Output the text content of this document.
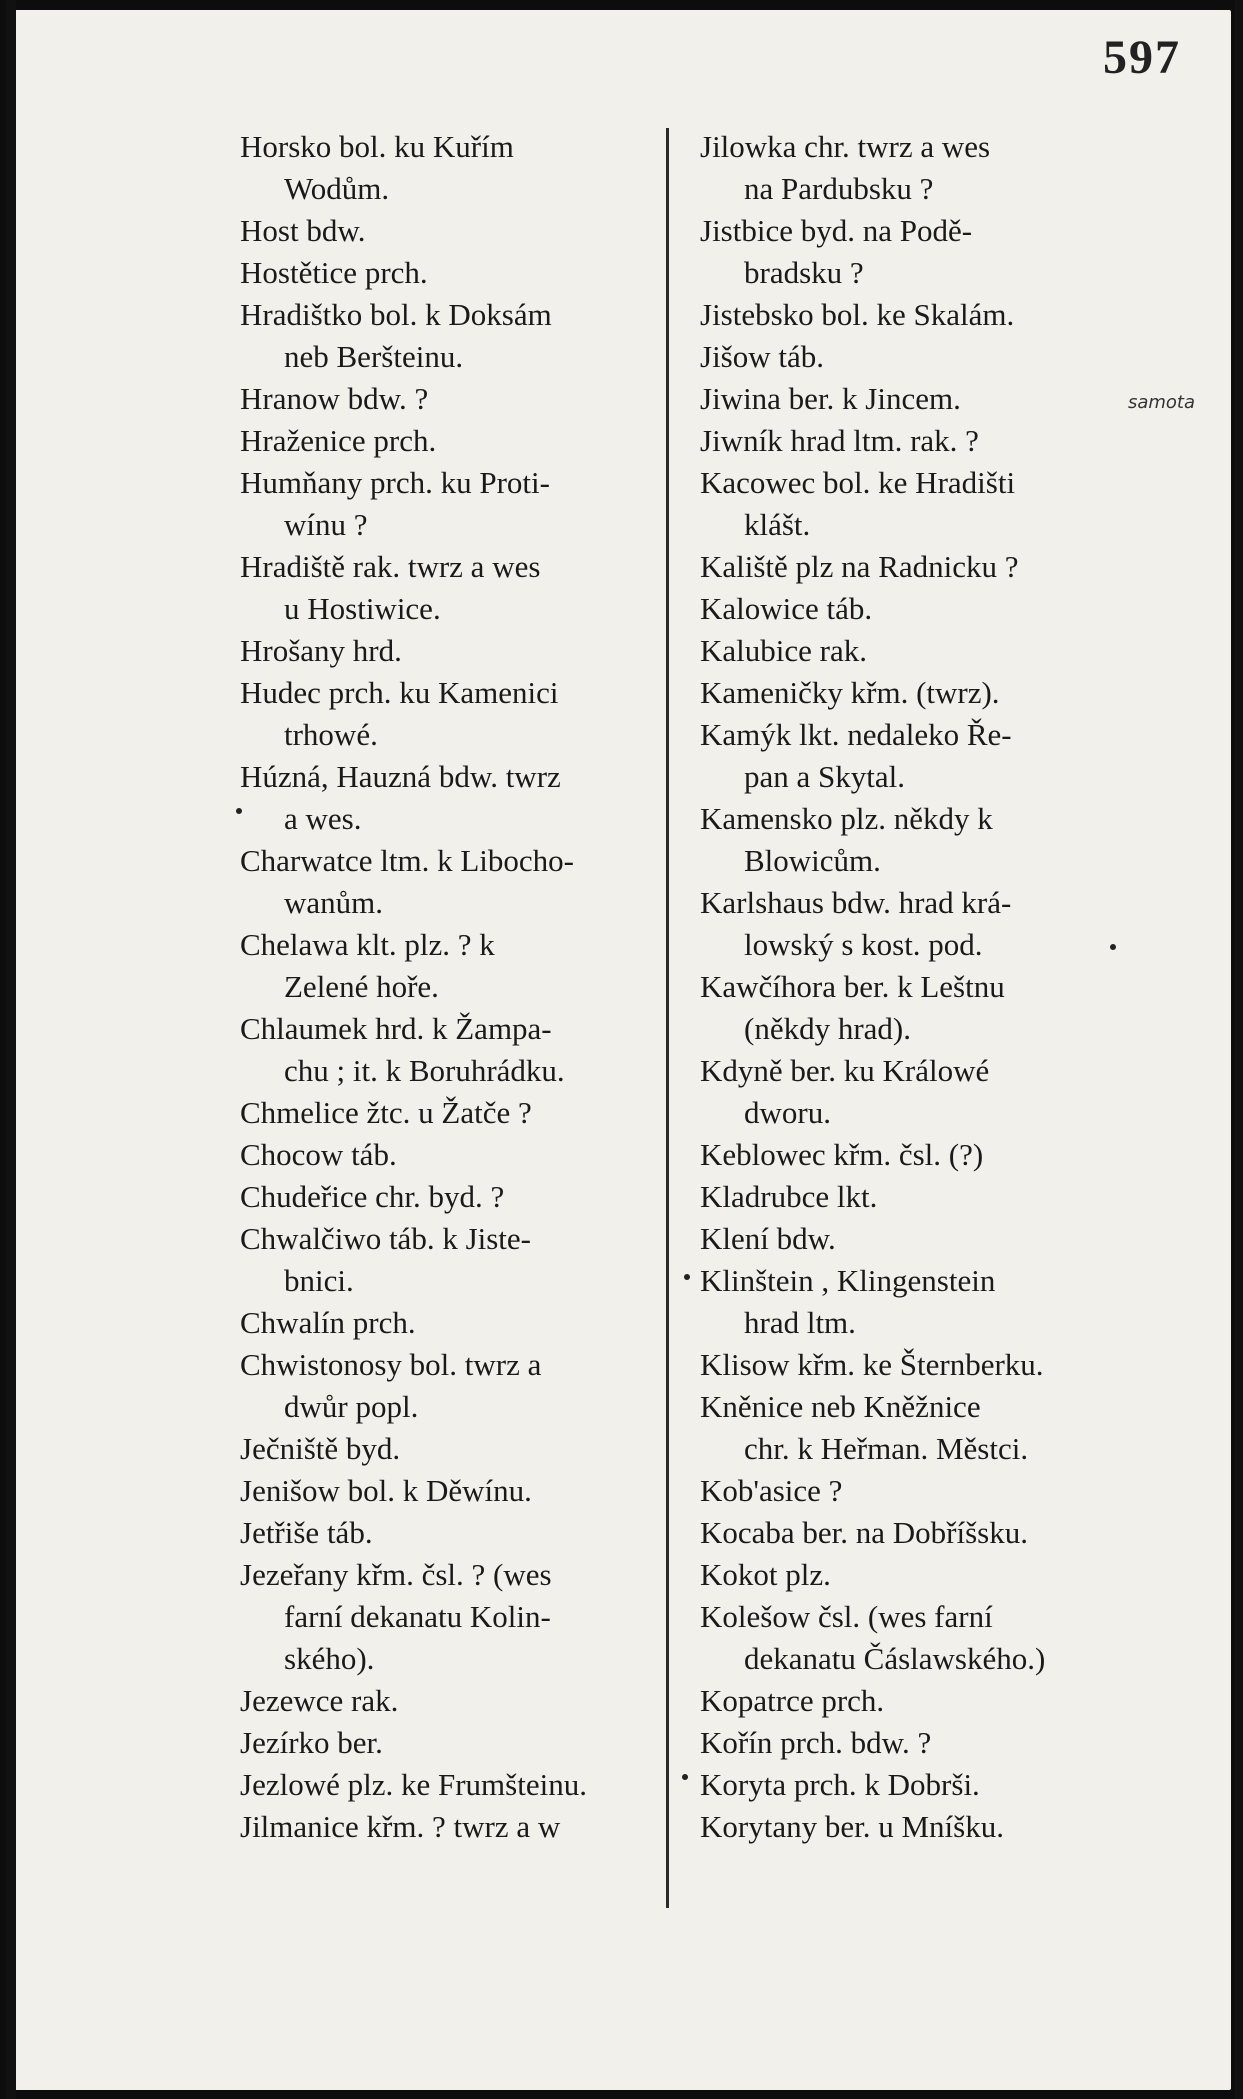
597
samota
Horsko bol. ku Kuřím
Wodům.
Host bdw.
Hostětice prch.
Hradištko bol. k Doksám
neb Beršteinu.
Hranow bdw. ?
Hraženice prch.
Humňany prch. ku Proti-
wínu ?
Hradiště rak. twrz a wes
u Hostiwice.
Hrošany hrd.
Hudec prch. ku Kamenici
trhowé.
Húzná, Hauzná bdw. twrz
a wes.
Charwatce ltm. k Libocho-
wanům.
Chelawa klt. plz. ? k
Zelené hoře.
Chlaumek hrd. k Žampa-
chu ; it. k Boruhrádku.
Chmelice žtc. u Žatče ?
Chocow táb.
Chudeřice chr. byd. ?
Chwalčiwo táb. k Jiste-
bnici.
Chwalín prch.
Chwistonosy bol. twrz a
dwůr popl.
Ječniště byd.
Jenišow bol. k Děwínu.
Jetřiše táb.
Jezeřany křm. čsl. ? (wes
farní dekanatu Kolin-
ského).
Jezewce rak.
Jezírko ber.
Jezlowé plz. ke Frumšteinu.
Jilmanice křm. ? twrz a w
Jilowka chr. twrz a wes
na Pardubsku ?
Jistbice byd. na Podě-
bradsku ?
Jistebsko bol. ke Skalám.
Jišow táb.
Jiwina ber. k Jincem.
Jiwník hrad ltm. rak. ?
Kacowec bol. ke Hradišti
klášt.
Kaliště plz na Radnicku ?
Kalowice táb.
Kalubice rak.
Kameničky křm. (twrz).
Kamýk lkt. nedaleko Ře-
pan a Skytal.
Kamensko plz. někdy k
Blowicům.
Karlshaus bdw. hrad krá-
lowský s kost. pod.
Kawčíhora ber. k Leštnu
(někdy hrad).
Kdyně ber. ku Králowé
dworu.
Keblowec křm. čsl. (?)
Kladrubce lkt.
Klení bdw.
Klinštein , Klingenstein
hrad ltm.
Klisow křm. ke Šternberku.
Kněnice neb Kněžnice
chr. k Heřman. Městci.
Kob'asice ?
Kocaba ber. na Dobříšsku.
Kokot plz.
Kolešow čsl. (wes farní
dekanatu Čáslawského.)
Kopatrce prch.
Kořín prch. bdw. ?
Koryta prch. k Dobrši.
Korytany ber. u Mníšku.
